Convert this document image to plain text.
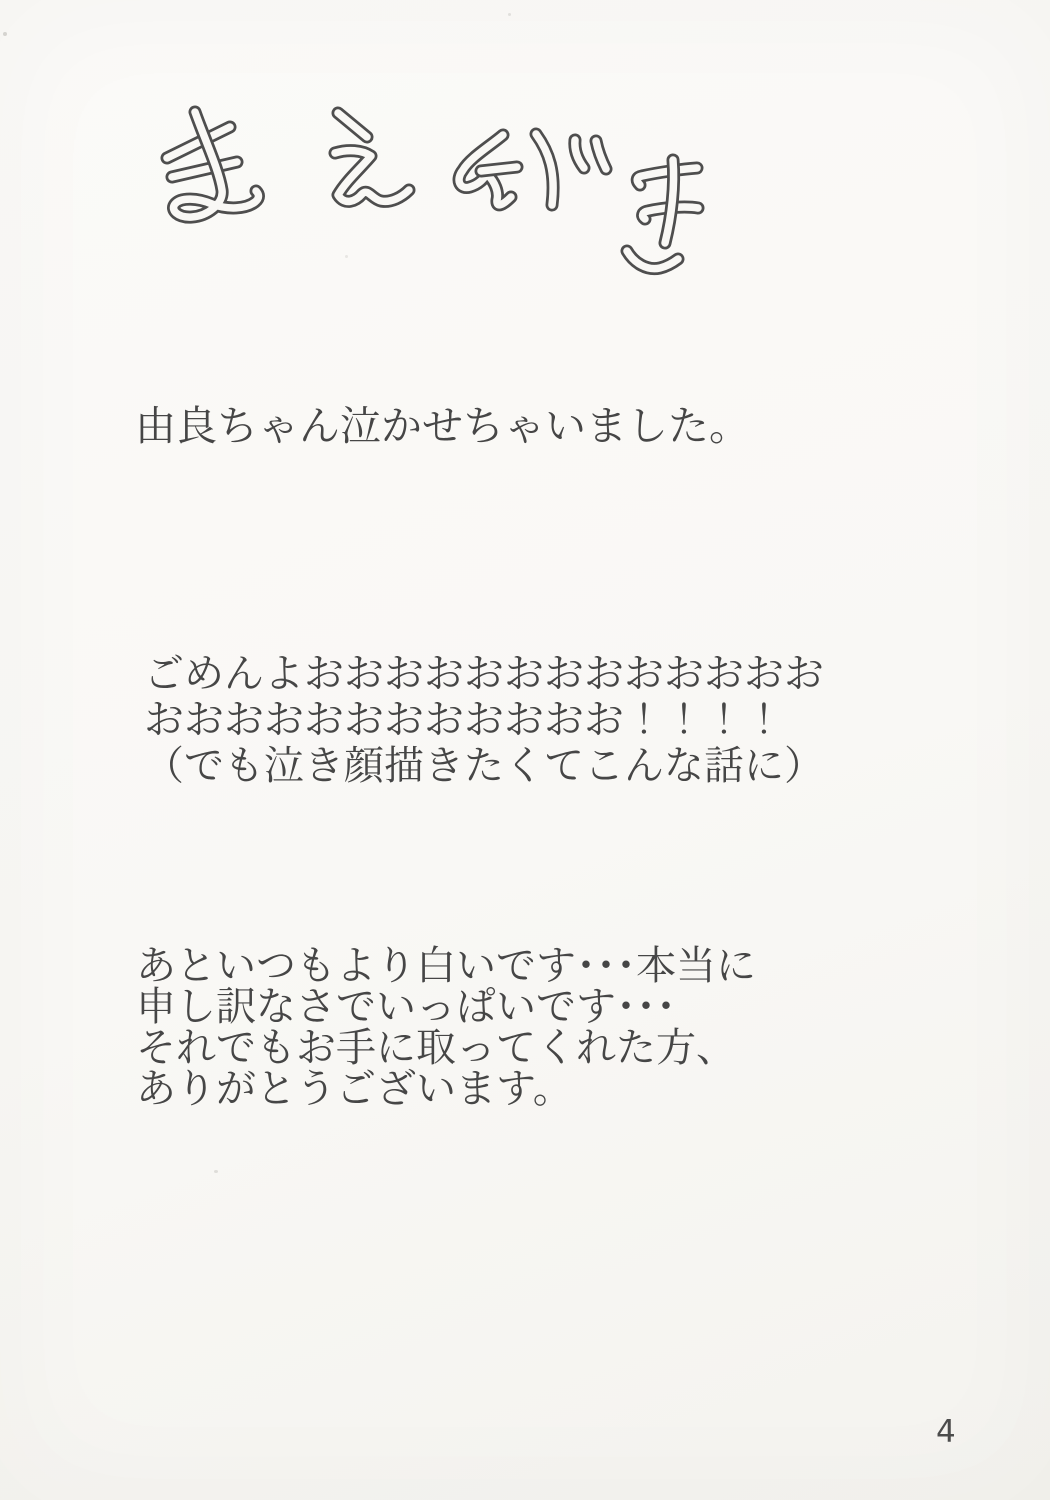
由良ちゃん泣かせちゃいました。

ごめんよおおおおおおおおおおおおお

おおおおおおおおおおおお！！！！

（でも泣き顔描きたくてこんな話に）

あといつもより白いです･･･本当に

申し訳なさでいっぱいです･･･

それでもお手に取ってくれた方、

ありがとうございます。

4
